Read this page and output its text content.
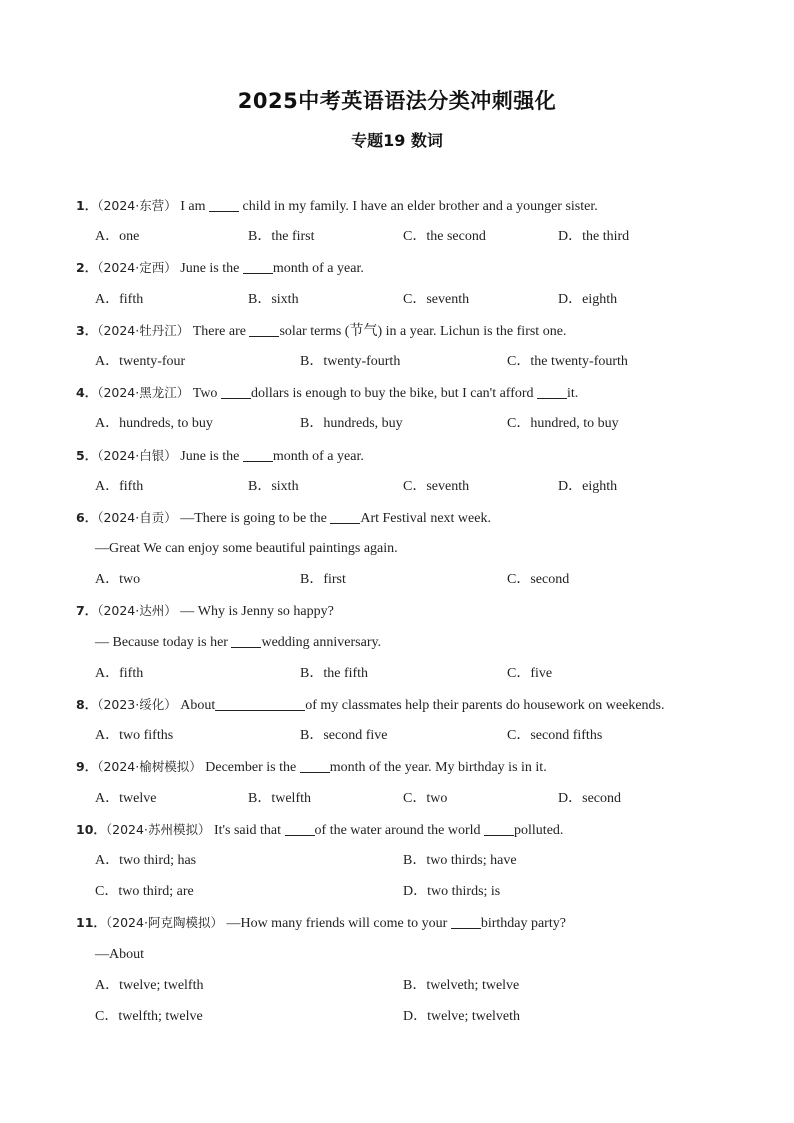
2025中考英语语法分类冲刺强化
专题19 数词
1．（2024·东营） I am  child in my family. I have an elder brother and a younger sister.
A．one	B．the first	C．the second	D．the third
2．（2024·定西） June is the month of a year.
A．fifth	B．sixth	C．seventh	D．eighth
3．（2024·牡丹江） There are solar terms (节气) in a year. Lichun is the first one.
A．twenty-four	B．twenty-fourth	C．the twenty-fourth
4．（2024·黑龙江） Two dollars is enough to buy the bike, but I can't afford it.
A．hundreds, to buy	B．hundreds, buy	C．hundred, to buy
5．（2024·白银） June is the month of a year.
A．fifth	B．sixth	C．seventh	D．eighth
6．（2024·自贡） —There is going to be the Art Festival next week.
—Great We can enjoy some beautiful paintings again.
A．two	B．first	C．second
7．（2024·达州） — Why is Jenny so happy?
— Because today is her wedding anniversary.
A．fifth	B．the fifth	C．five
8．（2023·绥化） About	of my classmates help their parents do housework on weekends.
A．two fifths	B．second five	C．second fifths
9．（2024·榆树模拟） December is the month of the year. My birthday is in it.
A．twelve	B．twelfth	C．two	D．second
10．（2024·苏州模拟） It's said that of the water around the world polluted.
A．two third; has	B．two thirds; have
C．two third; are	D．two thirds; is
11．（2024·阿克陶模拟） —How many friends will come to your birthday party?
—About
A．twelve; twelfth	B．twelveth; twelve
C．twelfth; twelve	D．twelve; twelveth
